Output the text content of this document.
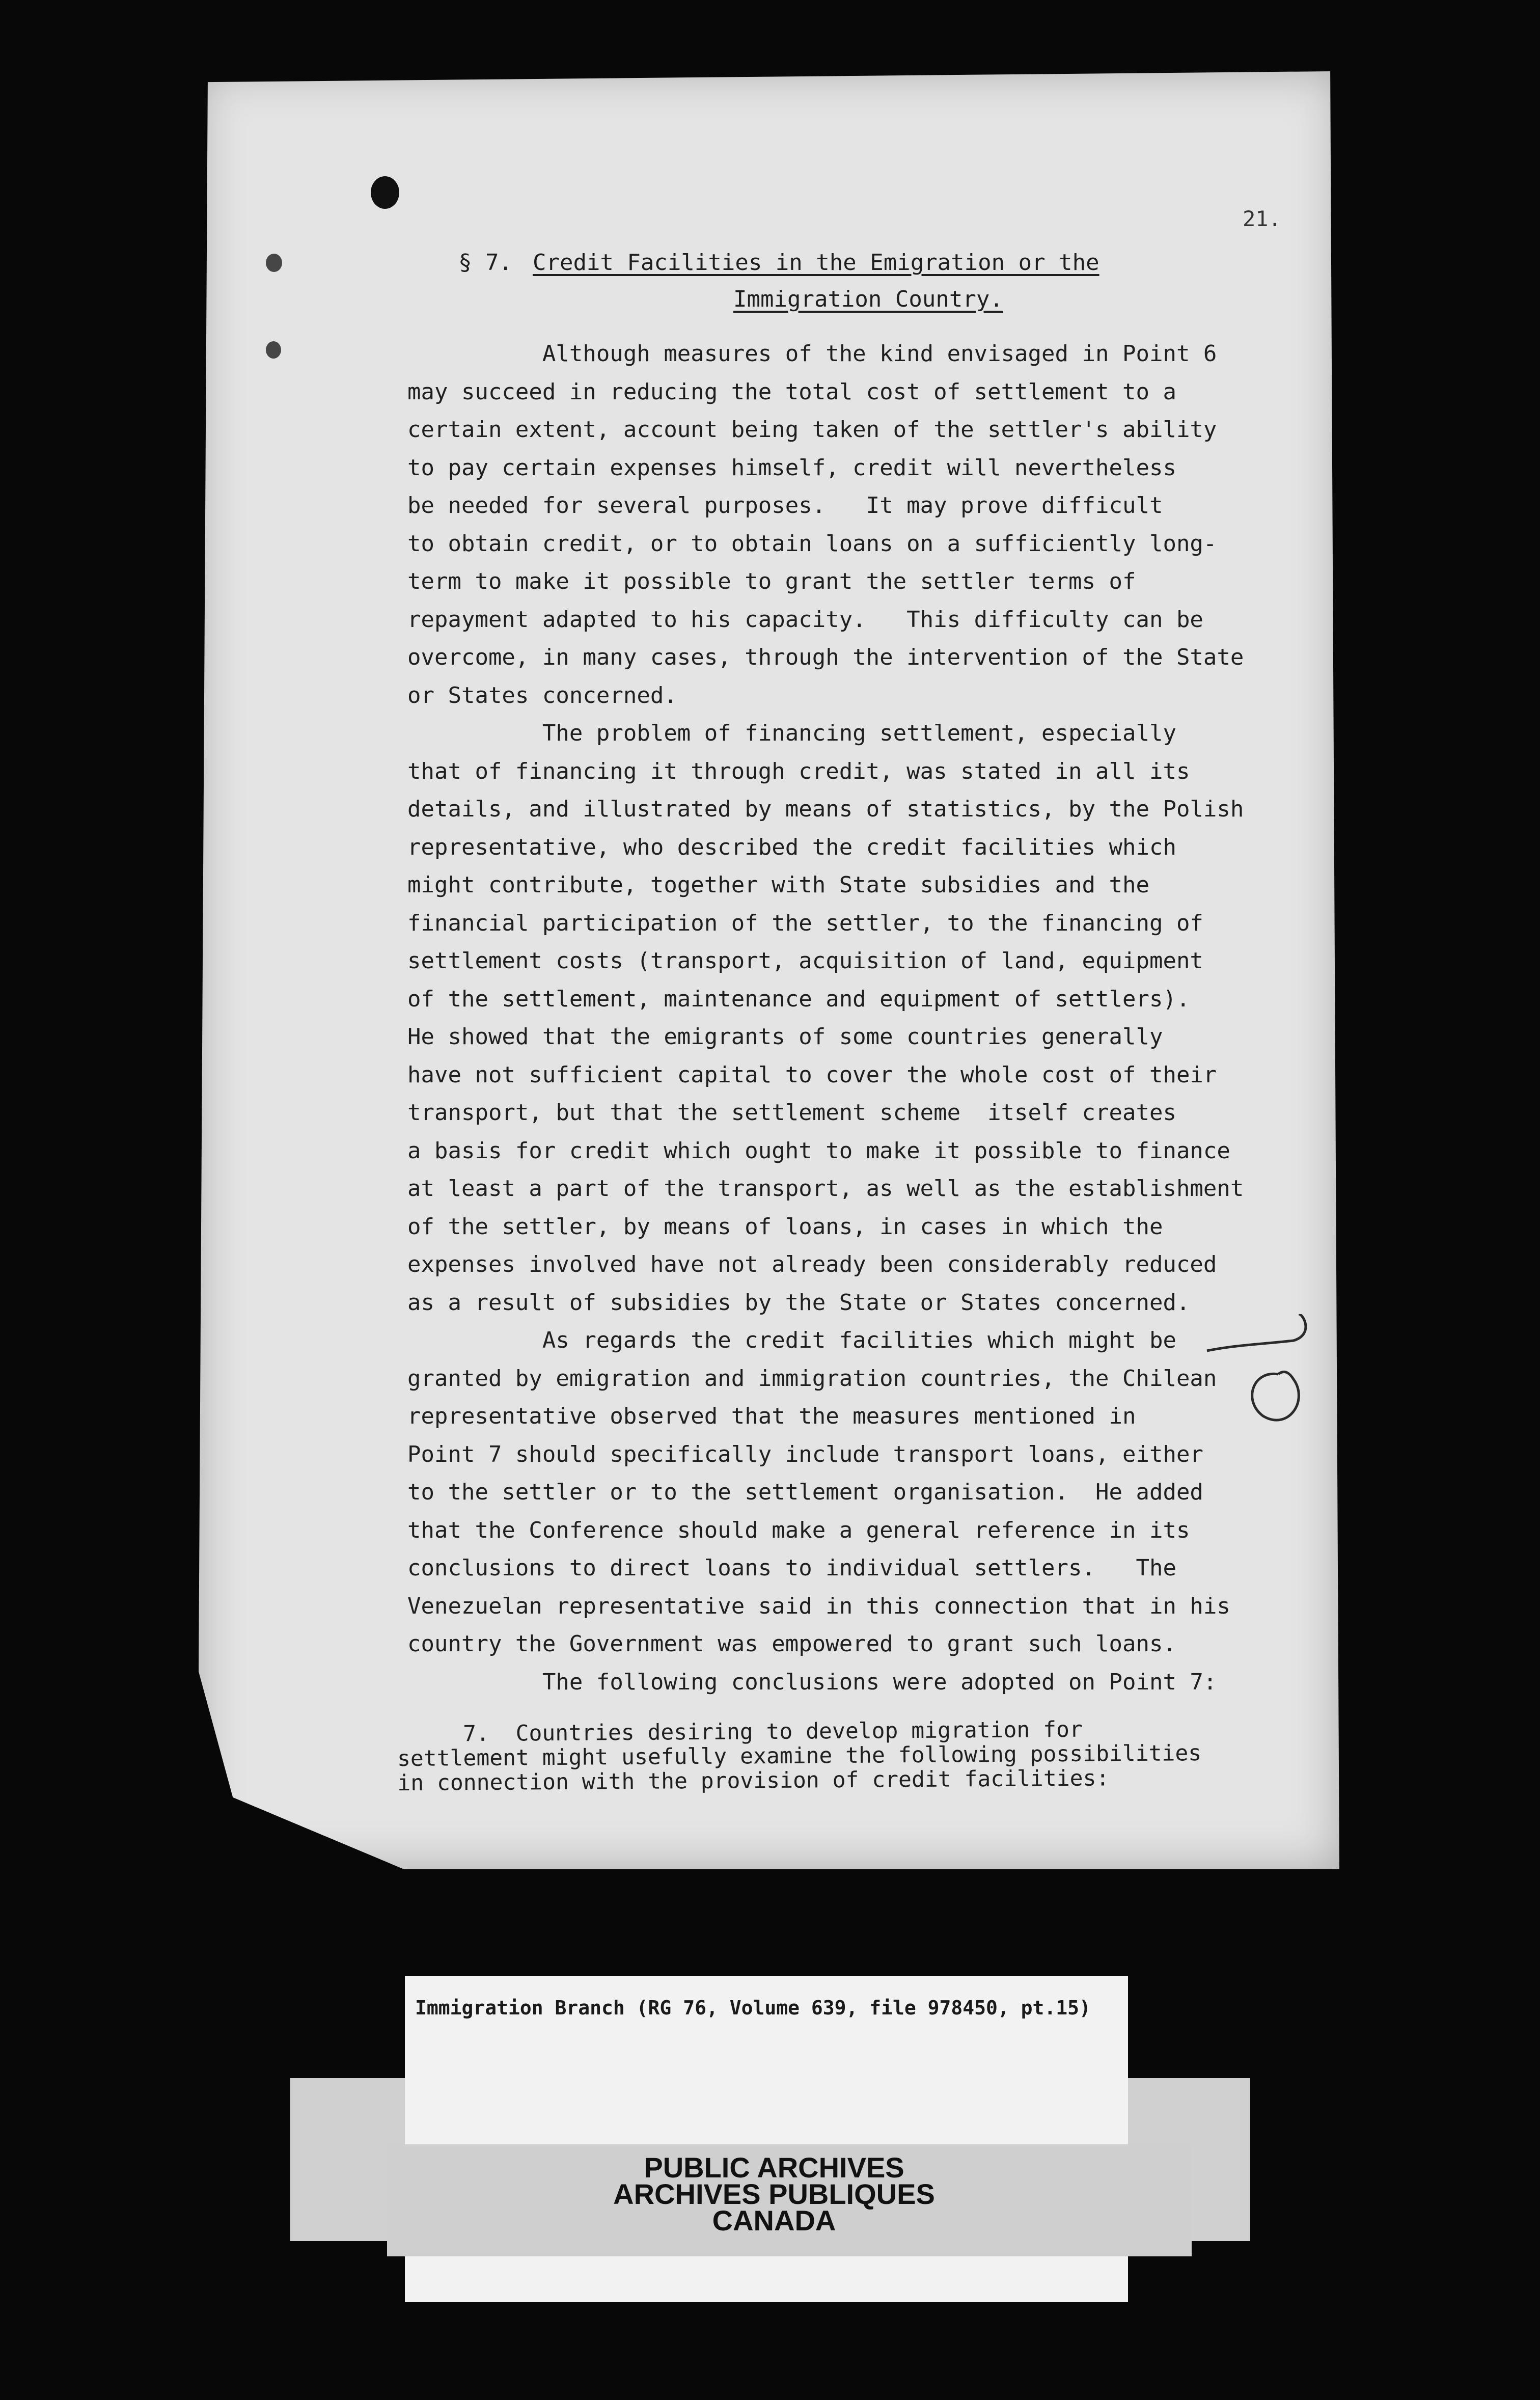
21.
§ 7. Credit Facilities in the Emigration or the
Immigration Country.
Although measures of the kind envisaged in Point 6
may succeed in reducing the total cost of settlement to a
certain extent, account being taken of the settler's ability
to pay certain expenses himself, credit will nevertheless
be needed for several purposes.   It may prove difficult
to obtain credit, or to obtain loans on a sufficiently long-
term to make it possible to grant the settler terms of
repayment adapted to his capacity.   This difficulty can be
overcome, in many cases, through the intervention of the State
or States concerned.
The problem of financing settlement, especially
that of financing it through credit, was stated in all its
details, and illustrated by means of statistics, by the Polish
representative, who described the credit facilities which
might contribute, together with State subsidies and the
financial participation of the settler, to the financing of
settlement costs (transport, acquisition of land, equipment
of the settlement, maintenance and equipment of settlers).
He showed that the emigrants of some countries generally
have not sufficient capital to cover the whole cost of their
transport, but that the settlement scheme  itself creates
a basis for credit which ought to make it possible to finance
at least a part of the transport, as well as the establishment
of the settler, by means of loans, in cases in which the
expenses involved have not already been considerably reduced
as a result of subsidies by the State or States concerned.
As regards the credit facilities which might be
granted by emigration and immigration countries, the Chilean
representative observed that the measures mentioned in
Point 7 should specifically include transport loans, either
to the settler or to the settlement organisation.  He added
that the Conference should make a general reference in its
conclusions to direct loans to individual settlers.   The
Venezuelan representative said in this connection that in his
country the Government was empowered to grant such loans.
The following conclusions were adopted on Point 7:
7.  Countries desiring to develop migration for
settlement might usefully examine the following possibilities
in connection with the provision of credit facilities:
Immigration Branch (RG 76, Volume 639, file 978450, pt.15)
PUBLIC ARCHIVES
ARCHIVES PUBLIQUES
CANADA
